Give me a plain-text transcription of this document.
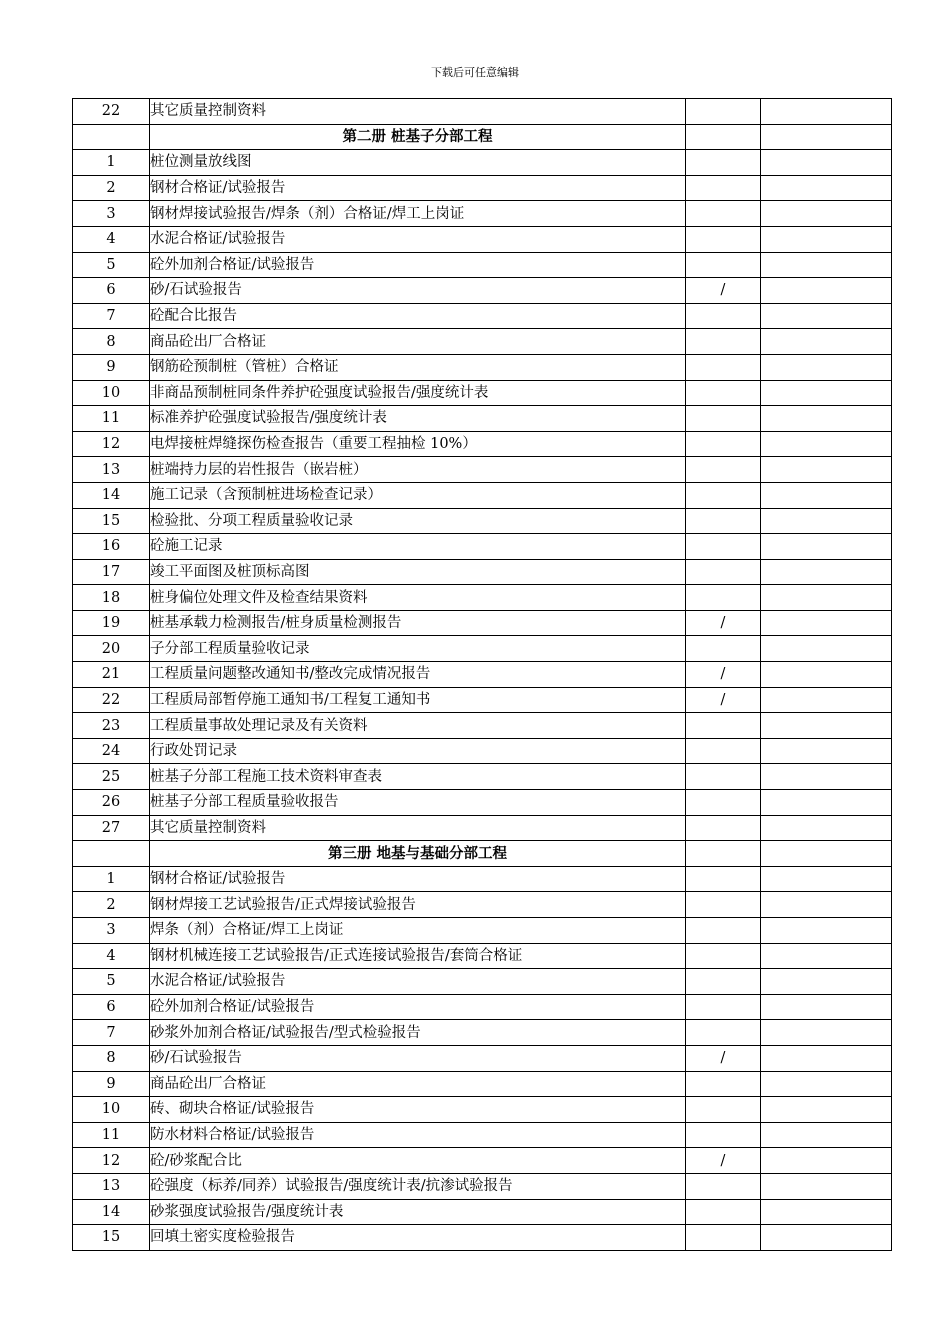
下载后可任意编辑
22	其它质量控制资料		
	第二册 桩基子分部工程		
1	桩位测量放线图		
2	钢材合格证/试验报告		
3	钢材焊接试验报告/焊条（剂）合格证/焊工上岗证		
4	水泥合格证/试验报告		
5	砼外加剂合格证/试验报告		
6	砂/石试验报告	/	
7	砼配合比报告		
8	商品砼出厂合格证		
9	钢筋砼预制桩（管桩）合格证		
10	非商品预制桩同条件养护砼强度试验报告/强度统计表		
11	标准养护砼强度试验报告/强度统计表		
12	电焊接桩焊缝探伤检查报告（重要工程抽检 10%）		
13	桩端持力层的岩性报告（嵌岩桩）		
14	施工记录（含预制桩进场检查记录）		
15	检验批、分项工程质量验收记录		
16	砼施工记录		
17	竣工平面图及桩顶标高图		
18	桩身偏位处理文件及检查结果资料		
19	桩基承载力检测报告/桩身质量检测报告	/	
20	子分部工程质量验收记录		
21	工程质量问题整改通知书/整改完成情况报告	/	
22	工程质局部暂停施工通知书/工程复工通知书	/	
23	工程质量事故处理记录及有关资料		
24	行政处罚记录		
25	桩基子分部工程施工技术资料审查表		
26	桩基子分部工程质量验收报告		
27	其它质量控制资料		
	第三册 地基与基础分部工程		
1	钢材合格证/试验报告		
2	钢材焊接工艺试验报告/正式焊接试验报告		
3	焊条（剂）合格证/焊工上岗证		
4	钢材机械连接工艺试验报告/正式连接试验报告/套筒合格证		
5	水泥合格证/试验报告		
6	砼外加剂合格证/试验报告		
7	砂浆外加剂合格证/试验报告/型式检验报告		
8	砂/石试验报告	/	
9	商品砼出厂合格证		
10	砖、砌块合格证/试验报告		
11	防水材料合格证/试验报告		
12	砼/砂浆配合比	/	
13	砼强度（标养/同养）试验报告/强度统计表/抗渗试验报告		
14	砂浆强度试验报告/强度统计表		
15	回填土密实度检验报告		
